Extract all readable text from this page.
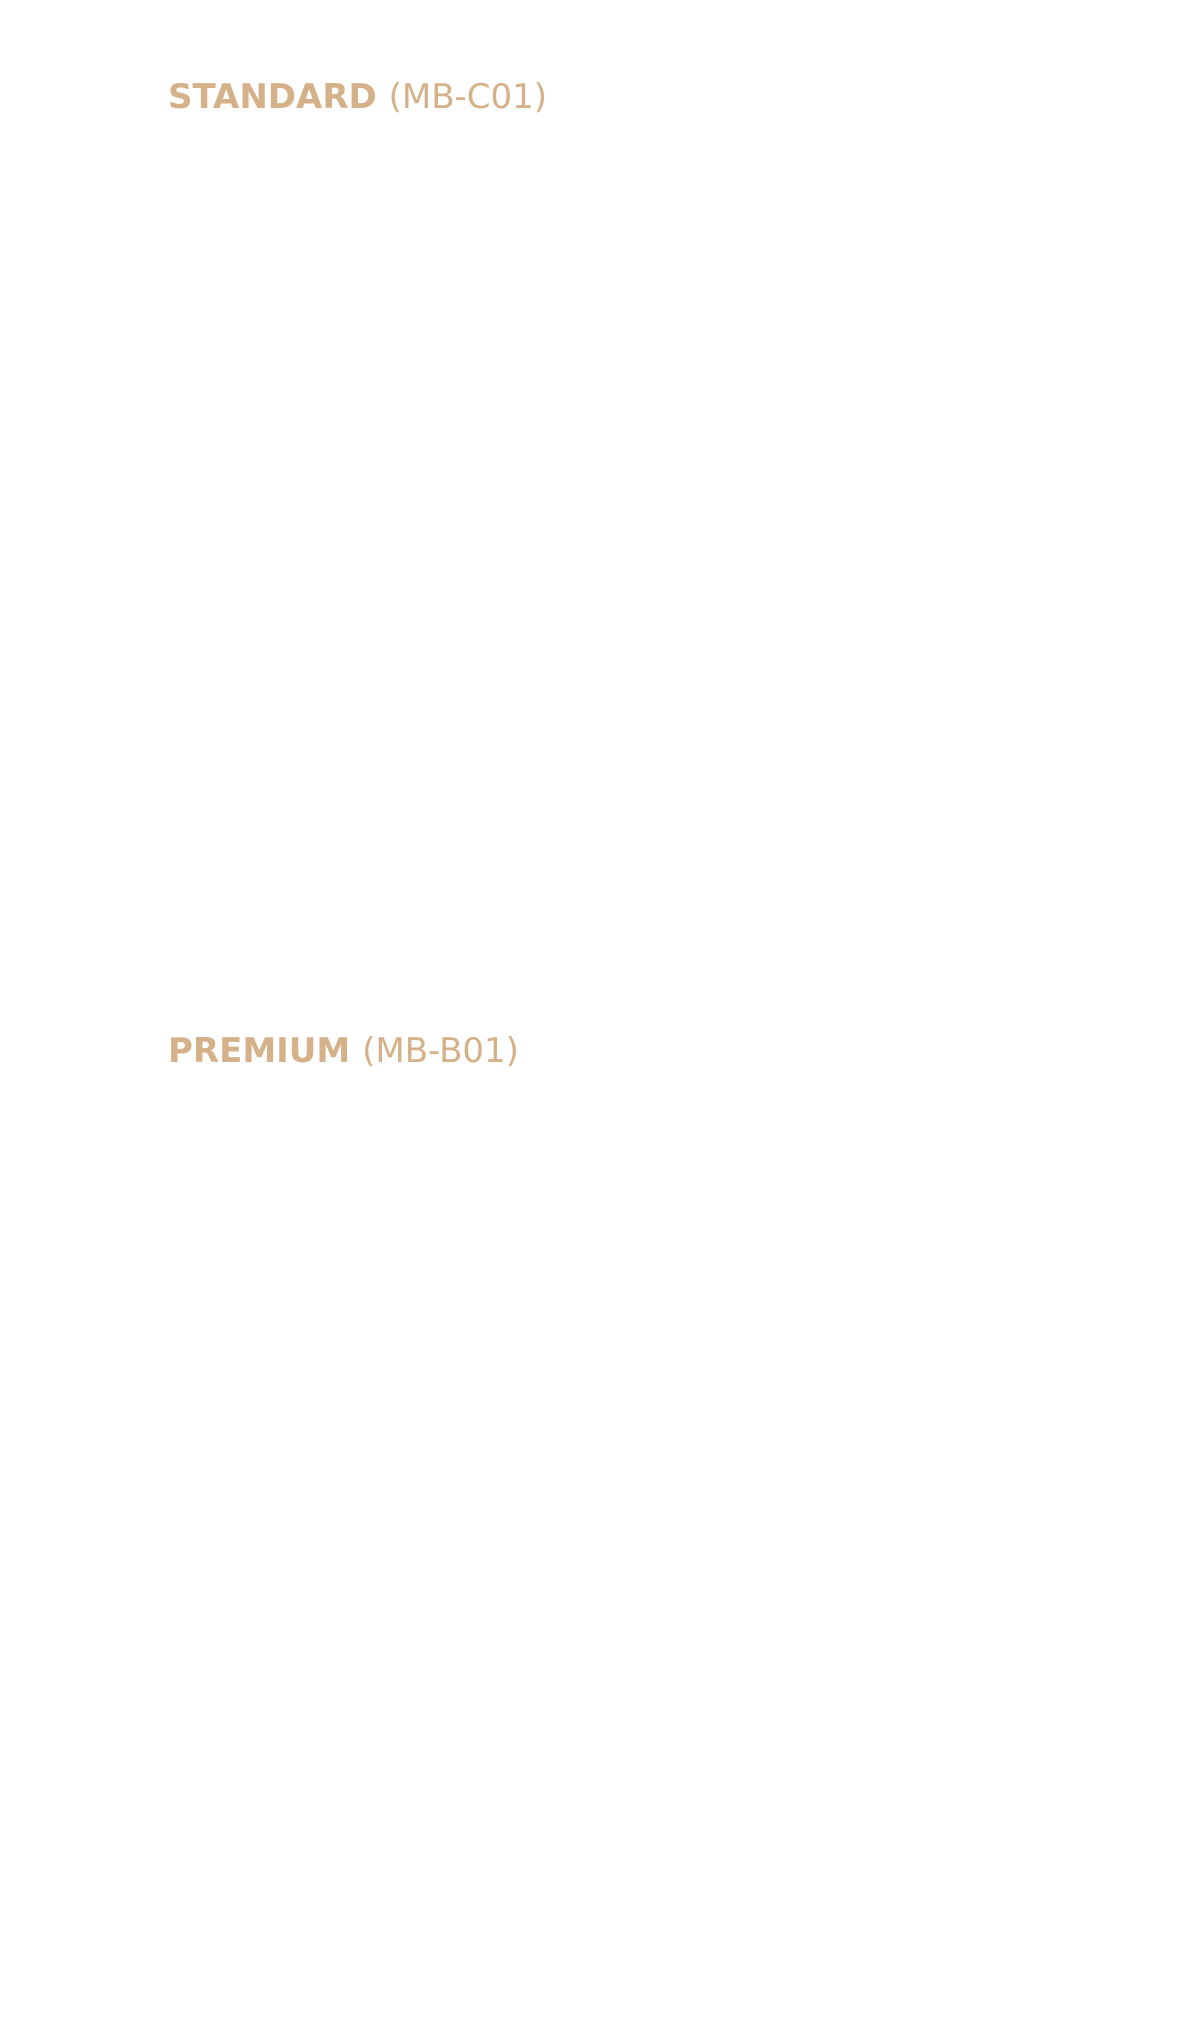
STANDARD (MB-C01)
PREMIUM (MB-B01)
